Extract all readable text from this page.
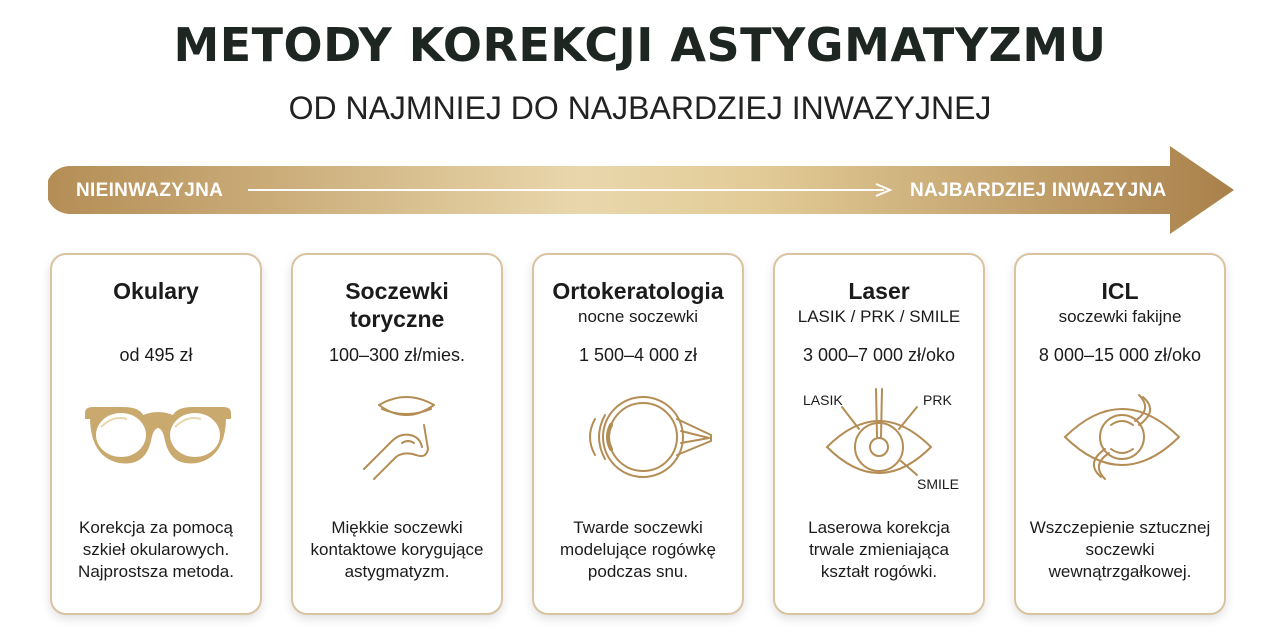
METODY KOREKCJI ASTYGMATYZMU
OD NAJMNIEJ DO NAJBARDZIEJ INWAZYJNEJ
NIEINWAZYJNA	NAJBARDZIEJ INWAZYJNA
Okulary
od 495 zł
Korekcja za pomocą
szkieł okularowych.
Najprostsza metoda.
Soczewki
toryczne
100–300 zł/mies.
Miękkie soczewki
kontaktowe korygujące
astygmatyzm.
Ortokeratologia
nocne soczewki
Twarde soczewki
modelujące rogówkę
podczas snu.
1 500–4 000 zł
Laser
LASIK / PRK / SMILE
3 000–7 000 zł/oko
LASIK	PRK
SMILE
Laserowa korekcja
trwale zmieniająca
kształt rogówki.
ICL
soczewki fakijne
8 000–15 000 zł/oko
Wszczepienie sztucznej
soczewki
wewnątrzgałkowej.
